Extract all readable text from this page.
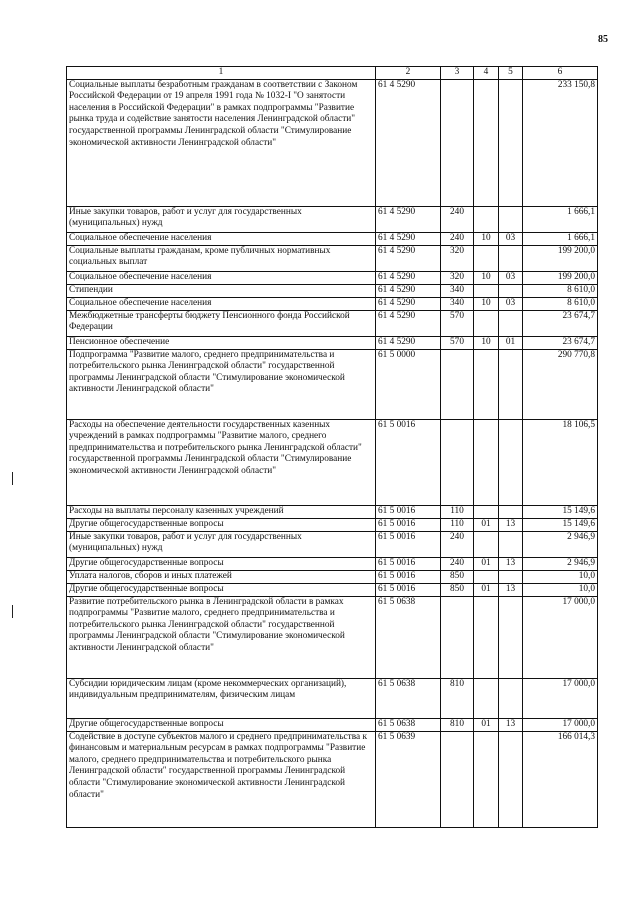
85
1	2	3	4	5	6
Социальные выплаты безработным гражданам в соответствии с Законом Российской Федерации от 19 апреля 1991 года № 1032-I "О занятости населения в Российской Федерации" в рамках подпрограммы "Развитие рынка труда и содействие занятости населения Ленинградской области" государственной программы Ленинградской области "Стимулирование экономической активности Ленинградской области"	61 4 5290				233 150,8
Иные закупки товаров, работ и услуг для государственных (муниципальных) нужд	61 4 5290	240			1 666,1
Социальное обеспечение населения	61 4 5290	240	10	03	1 666,1
Социальные выплаты гражданам, кроме публичных нормативных социальных выплат	61 4 5290	320			199 200,0
Социальное обеспечение населения	61 4 5290	320	10	03	199 200,0
Стипендии	61 4 5290	340			8 610,0
Социальное обеспечение населения	61 4 5290	340	10	03	8 610,0
Межбюджетные трансферты бюджету Пенсионного фонда Российской Федерации	61 4 5290	570			23 674,7
Пенсионное обеспечение	61 4 5290	570	10	01	23 674,7
Подпрограмма "Развитие малого, среднего предпринимательства и потребительского рынка Ленинградской области" государственной программы Ленинградской области "Стимулирование экономической активности Ленинградской области"	61 5 0000				290 770,8
Расходы на обеспечение деятельности государственных казенных учреждений в рамках подпрограммы "Развитие малого, среднего предпринимательства и потребительского рынка Ленинградской области" государственной программы Ленинградской области "Стимулирование экономической активности Ленинградской области"	61 5 0016				18 106,5
Расходы на выплаты персоналу казенных учреждений	61 5 0016	110			15 149,6
Другие общегосударственные вопросы	61 5 0016	110	01	13	15 149,6
Иные закупки товаров, работ и услуг для государственных (муниципальных) нужд	61 5 0016	240			2 946,9
Другие общегосударственные вопросы	61 5 0016	240	01	13	2 946,9
Уплата налогов, сборов и иных платежей	61 5 0016	850			10,0
Другие общегосударственные вопросы	61 5 0016	850	01	13	10,0
Развитие потребительского рынка в Ленинградской области в рамках подпрограммы "Развитие малого, среднего предпринимательства и потребительского рынка Ленинградской области" государственной программы Ленинградской области "Стимулирование экономической активности Ленинградской области"	61 5 0638				17 000,0
Субсидии юридическим лицам (кроме некоммерческих организаций), индивидуальным предпринимателям, физическим лицам	61 5 0638	810			17 000,0
Другие общегосударственные вопросы	61 5 0638	810	01	13	17 000,0
Содействие в доступе субъектов малого и среднего предпринимательства к финансовым и материальным ресурсам в рамках подпрограммы "Развитие малого, среднего предпринимательства и потребительского рынка Ленинградской области" государственной программы Ленинградской области "Стимулирование экономической активности Ленинградской области"	61 5 0639				166 014,3
